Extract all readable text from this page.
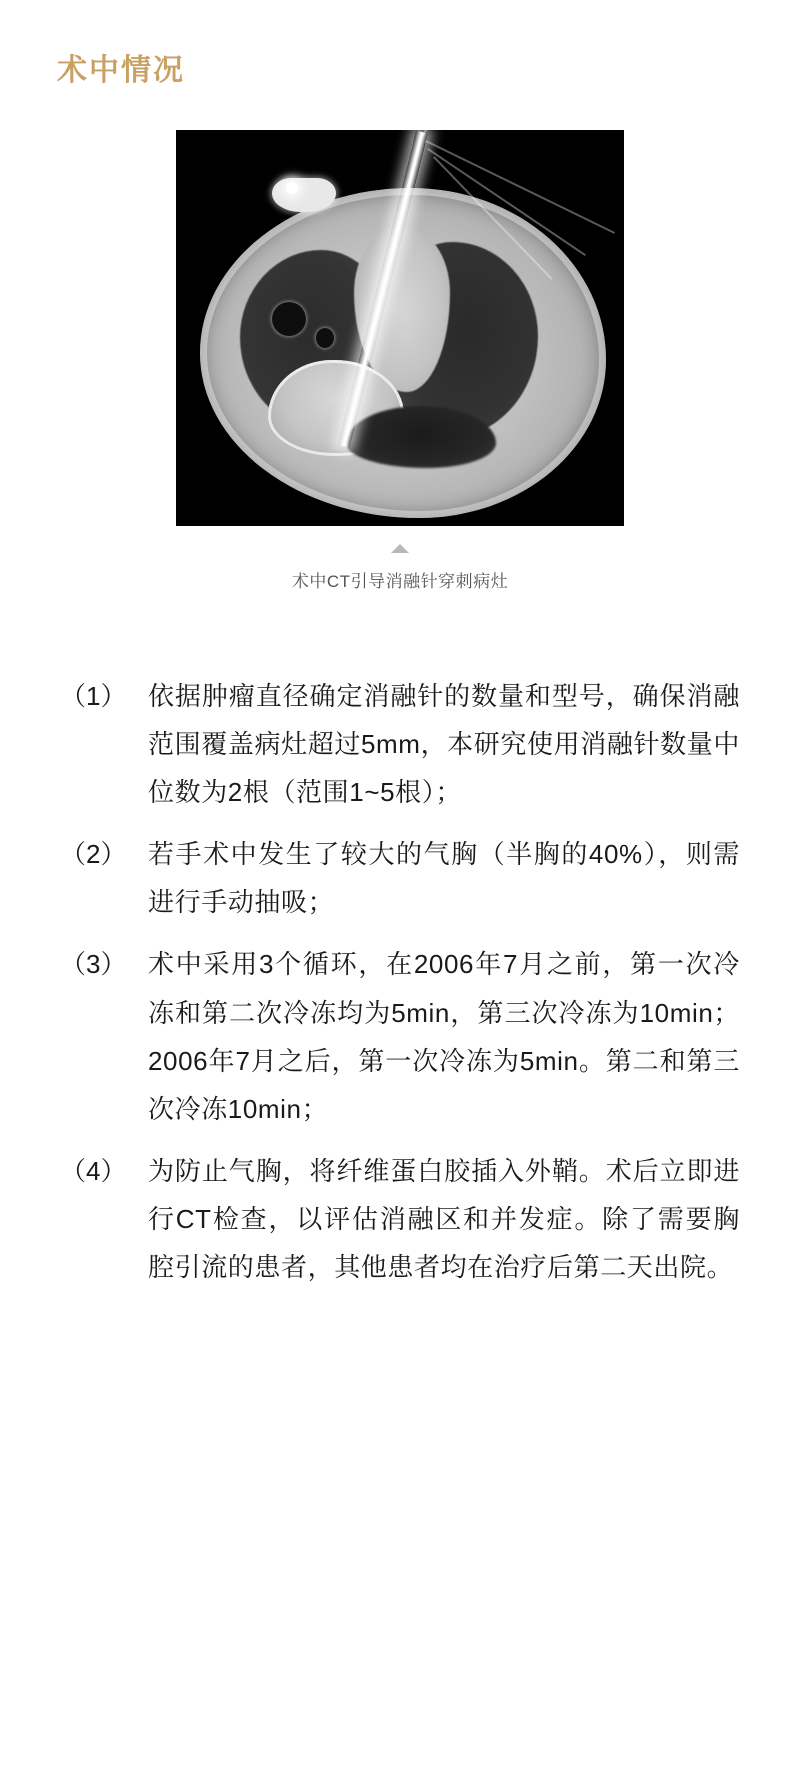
术中情况
术中CT引导消融针穿刺病灶
（1） 依据肿瘤直径确定消融针的数量和型号，确保消融范围覆盖病灶超过5mm，本研究使用消融针数量中位数为2根（范围1~5根）；
（2） 若手术中发生了较大的气胸（半胸的40%），则需进行手动抽吸；
（3） 术中采用3个循环，在2006年7月之前，第一次冷冻和第二次冷冻均为5min，第三次冷冻为10min；2006年7月之后，第一次冷冻为5min。第二和第三次冷冻10min；
（4） 为防止气胸，将纤维蛋白胶插入外鞘。术后立即进行CT检查，以评估消融区和并发症。除了需要胸腔引流的患者，其他患者均在治疗后第二天出院。
